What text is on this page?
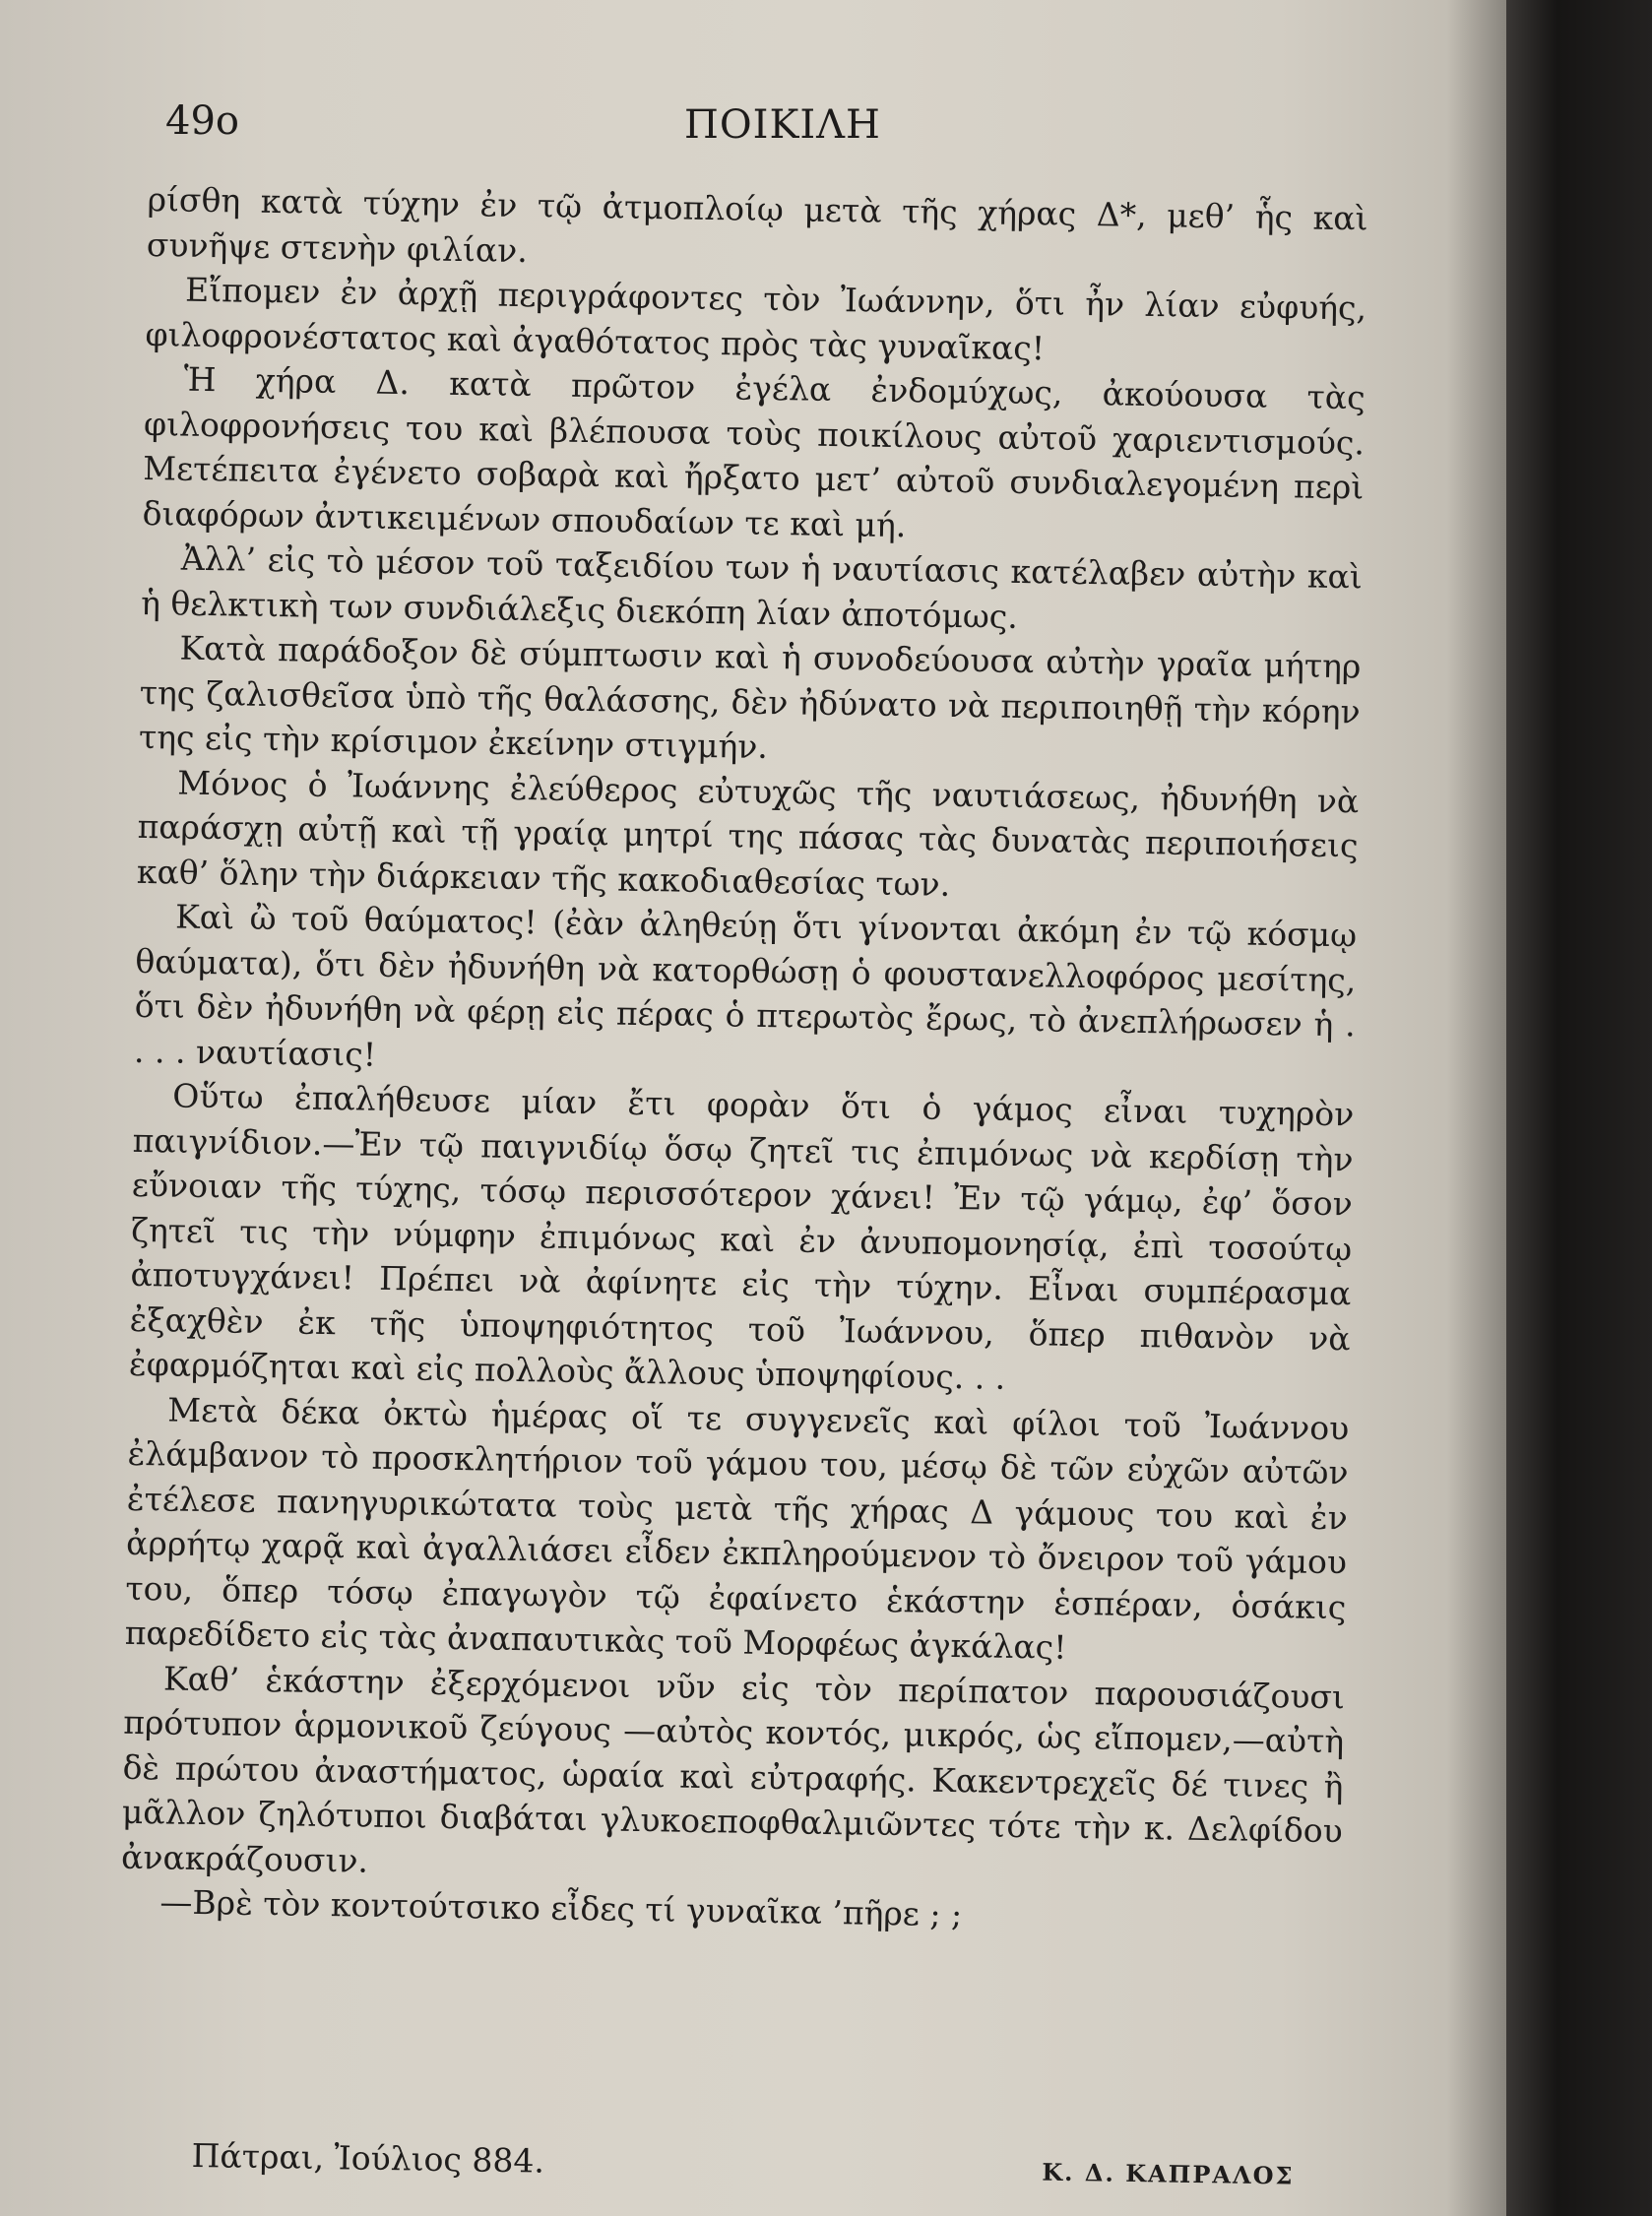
49ο	ΠΟΙΚΙΛΗ

ρίσθη κατὰ τύχην ἐν τῷ ἀτμοπλοίῳ μετὰ τῆς χήρας Δ*, μεθ’ ἧς καὶ συνῆψε στενὴν φιλίαν.

Εἴπομεν ἐν ἀρχῇ περιγράφοντες τὸν Ἰωάννην, ὅτι ἦν λίαν εὐφυής, φιλοφρονέστατος καὶ ἀγαθότατος πρὸς τὰς γυναῖκας!

Ἡ χήρα Δ. κατὰ πρῶτον ἐγέλα ἐνδομύχως, ἀκούουσα τὰς φιλοφρονήσεις του καὶ βλέπουσα τοὺς ποικίλους αὐτοῦ χαριεντισμούς. Μετέπειτα ἐγένετο σοβαρὰ καὶ ἤρξατο μετ’ αὐτοῦ συνδιαλεγομένη περὶ διαφόρων ἀντικειμένων σπουδαίων τε καὶ μή.

Ἀλλ’ εἰς τὸ μέσον τοῦ ταξειδίου των ἡ ναυτίασις κατέλαβεν αὐτὴν καὶ ἡ θελκτικὴ των συνδιάλεξις διεκόπη λίαν ἀποτόμως.

Κατὰ παράδοξον δὲ σύμπτωσιν καὶ ἡ συνοδεύουσα αὐτὴν γραῖα μήτηρ της ζαλισθεῖσα ὑπὸ τῆς θαλάσσης, δὲν ἠδύνατο νὰ περιποιηθῇ τὴν κόρην της εἰς τὴν κρίσιμον ἐκείνην στιγμήν.

Μόνος ὁ Ἰωάννης ἐλεύθερος εὐτυχῶς τῆς ναυτιάσεως, ἠδυνήθη νὰ παράσχῃ αὐτῇ καὶ τῇ γραίᾳ μητρί της πάσας τὰς δυνατὰς περιποιήσεις καθ’ ὅλην τὴν διάρκειαν τῆς κακοδιαθεσίας των.

Καὶ ὢ τοῦ θαύματος! (ἐὰν ἀληθεύῃ ὅτι γίνονται ἀκόμη ἐν τῷ κόσμῳ θαύματα), ὅτι δὲν ἠδυνήθη νὰ κατορθώσῃ ὁ φουστανελλοφόρος μεσίτης, ὅτι δὲν ἠδυνήθη νὰ φέρῃ εἰς πέρας ὁ πτερωτὸς ἔρως, τὸ ἀνεπλήρωσεν ἡ . . . . ναυτίασις!

Οὕτω ἐπαλήθευσε μίαν ἔτι φορὰν ὅτι ὁ γάμος εἶναι τυχηρὸν παιγνίδιον.—Ἐν τῷ παιγνιδίῳ ὅσῳ ζητεῖ τις ἐπιμόνως νὰ κερδίσῃ τὴν εὔνοιαν τῆς τύχης, τόσῳ περισσότερον χάνει! Ἐν τῷ γάμῳ, ἐφ’ ὅσον ζητεῖ τις τὴν νύμφην ἐπιμόνως καὶ ἐν ἀνυπομονησίᾳ, ἐπὶ τοσούτῳ ἀποτυγχάνει! Πρέπει νὰ ἀφίνητε εἰς τὴν τύχην. Εἶναι συμπέρασμα ἐξαχθὲν ἐκ τῆς ὑποψηφιότητος τοῦ Ἰωάννου, ὅπερ πιθανὸν νὰ ἐφαρμόζηται καὶ εἰς πολλοὺς ἄλλους ὑποψηφίους. . .

Μετὰ δέκα ὀκτὼ ἡμέρας οἵ τε συγγενεῖς καὶ φίλοι τοῦ Ἰωάννου ἐλάμβανον τὸ προσκλητήριον τοῦ γάμου του, μέσῳ δὲ τῶν εὐχῶν αὐτῶν ἐτέλεσε πανηγυρικώτατα τοὺς μετὰ τῆς χήρας Δ γάμους του καὶ ἐν ἀρρήτῳ χαρᾷ καὶ ἀγαλλιάσει εἶδεν ἐκπληρούμενον τὸ ὄνειρον τοῦ γάμου του, ὅπερ τόσῳ ἐπαγωγὸν τῷ ἐφαίνετο ἑκάστην ἑσπέραν, ὁσάκις παρεδίδετο εἰς τὰς ἀναπαυτικὰς τοῦ Μορφέως ἀγκάλας!

Καθ’ ἑκάστην ἐξερχόμενοι νῦν εἰς τὸν περίπατον παρουσιάζουσι πρότυπον ἁρμονικοῦ ζεύγους —αὐτὸς κοντός, μικρός, ὡς εἴπομεν,—αὐτὴ δὲ πρώτου ἀναστήματος, ὡραία καὶ εὐτραφής. Κακεντρεχεῖς δέ τινες ἢ μᾶλλον ζηλότυποι διαβάται γλυκοεποφθαλμιῶντες τότε τὴν κ. Δελφίδου ἀνακράζουσιν.

—Βρὲ τὸν κοντούτσικο εἶδες τί γυναῖκα ’πῆρε ; ;

Πάτραι, Ἰούλιος 884.	Κ. Δ. ΚΑΠΡΑΛΟΣ
